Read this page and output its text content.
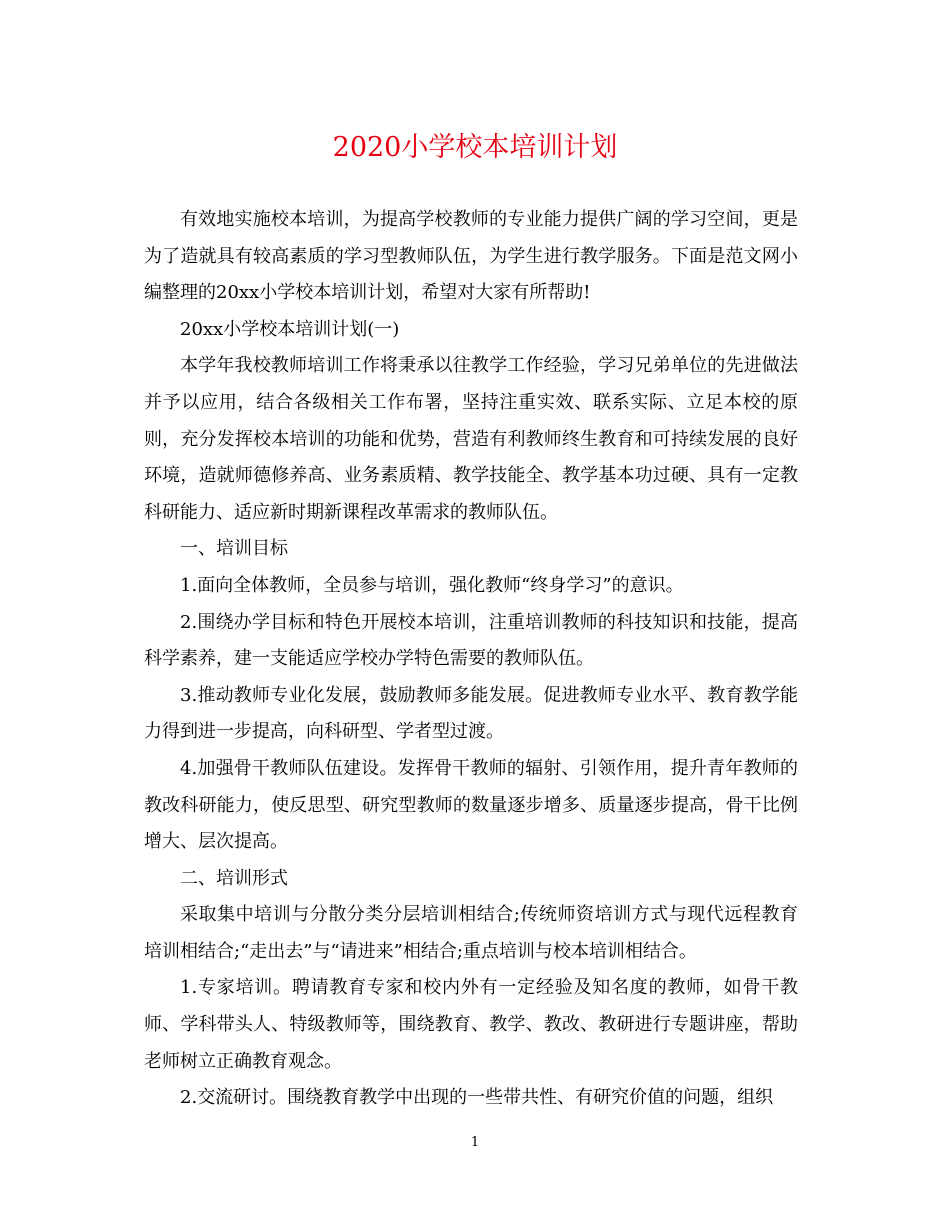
2020小学校本培训计划

有效地实施校本培训，为提高学校教师的专业能力提供广阔的学习空间，更是为了造就具有较高素质的学习型教师队伍，为学生进行教学服务。下面是范文网小编整理的20xx小学校本培训计划，希望对大家有所帮助!

20xx小学校本培训计划(一)

本学年我校教师培训工作将秉承以往教学工作经验，学习兄弟单位的先进做法并予以应用，结合各级相关工作布署，坚持注重实效、联系实际、立足本校的原则，充分发挥校本培训的功能和优势，营造有利教师终生教育和可持续发展的良好环境，造就师德修养高、业务素质精、教学技能全、教学基本功过硬、具有一定教科研能力、适应新时期新课程改革需求的教师队伍。

一、培训目标

1.面向全体教师，全员参与培训，强化教师“终身学习”的意识。

2.围绕办学目标和特色开展校本培训，注重培训教师的科技知识和技能，提高科学素养，建一支能适应学校办学特色需要的教师队伍。

3.推动教师专业化发展，鼓励教师多能发展。促进教师专业水平、教育教学能力得到进一步提高，向科研型、学者型过渡。

4.加强骨干教师队伍建设。发挥骨干教师的辐射、引领作用，提升青年教师的教改科研能力，使反思型、研究型教师的数量逐步增多、质量逐步提高，骨干比例增大、层次提高。

二、培训形式

采取集中培训与分散分类分层培训相结合;传统师资培训方式与现代远程教育培训相结合;“走出去”与“请进来”相结合;重点培训与校本培训相结合。

1.专家培训。聘请教育专家和校内外有一定经验及知名度的教师，如骨干教师、学科带头人、特级教师等，围绕教育、教学、教改、教研进行专题讲座，帮助老师树立正确教育观念。

2.交流研讨。围绕教育教学中出现的一些带共性、有研究价值的问题，组织

1
